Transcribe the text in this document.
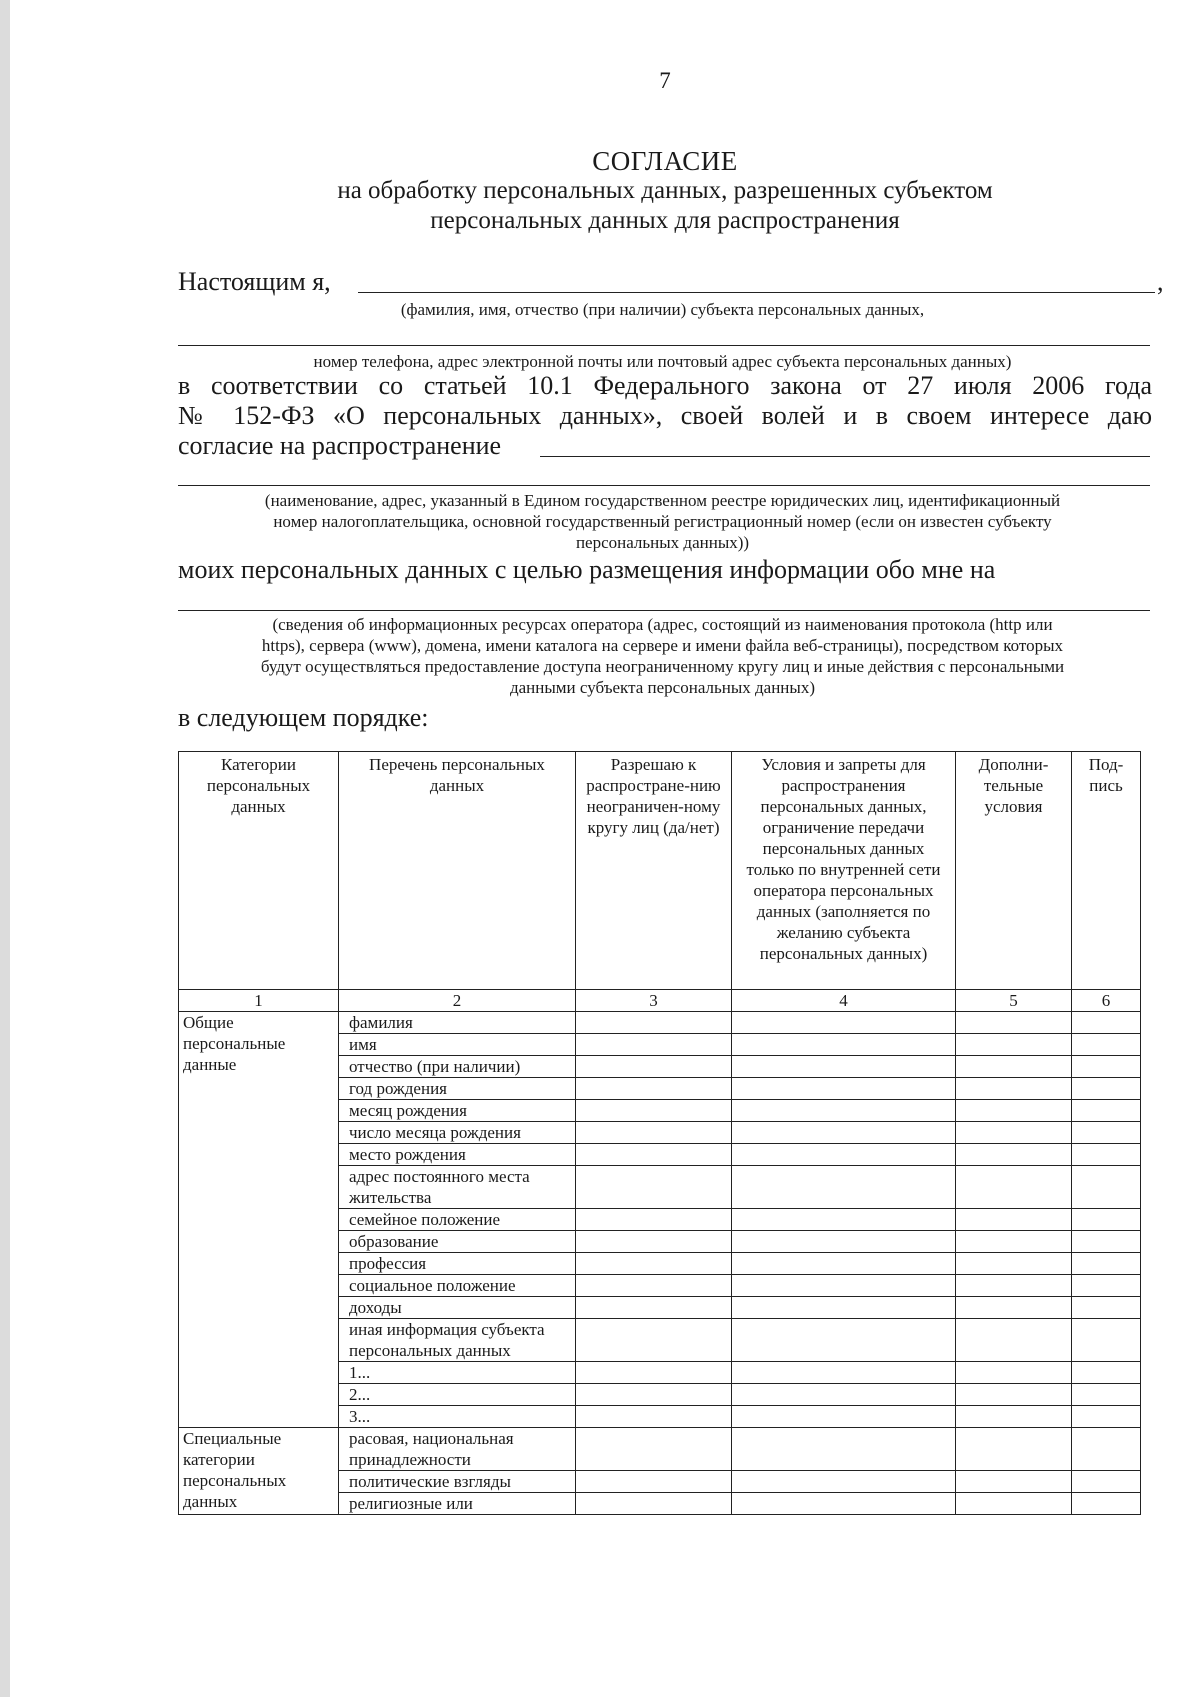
7
СОГЛАСИЕ
на обработку персональных данных, разрешенных субъектом
персональных данных для распространения
Настоящим я,	,
(фамилия, имя, отчество (при наличии) субъекта персональных данных,
номер телефона, адрес электронной почты или почтовый адрес субъекта персональных данных)
в соответствии со статьей 10.1 Федерального закона от 27 июля 2006 года
№ 152-ФЗ «О персональных данных», своей волей и в своем интересе даю
согласие на распространение
(наименование, адрес, указанный в Едином государственном реестре юридических лиц, идентификационный
номер налогоплательщика, основной государственный регистрационный номер (если он известен субъекту
персональных данных))
моих персональных данных с целью размещения информации обо мне на
(сведения об информационных ресурсах оператора (адрес, состоящий из наименования протокола (http или
https), сервера (www), домена, имени каталога на сервере и имени файла веб-страницы), посредством которых
будут осуществляться предоставление доступа неограниченному кругу лиц и иные действия с персональными
данными субъекта персональных данных)
в следующем порядке:
Категории персональных данных	Перечень персональных данных	Разрешаю к распростране-нию неограничен-ному кругу лиц (да/нет)	Условия и запреты для распространения персональных данных, ограничение передачи персональных данных только по внутренней сети оператора персональных данных (заполняется по желанию субъекта персональных данных)	Дополни-тельные условия	Под-пись
1	2	3	4	5	6
Общие персональные данные	фамилия				
	имя				
	отчество (при наличии)				
	год рождения				
	месяц рождения				
	число месяца рождения				
	место рождения				
	адрес постоянного места жительства				
	семейное положение				
	образование				
	профессия				
	социальное положение				
	доходы				
	иная информация субъекта персональных данных				
	1...				
	2...				
	3...				
Специальные категории персональных данных	расовая, национальная принадлежности				
	политические взгляды				
	религиозные или				
